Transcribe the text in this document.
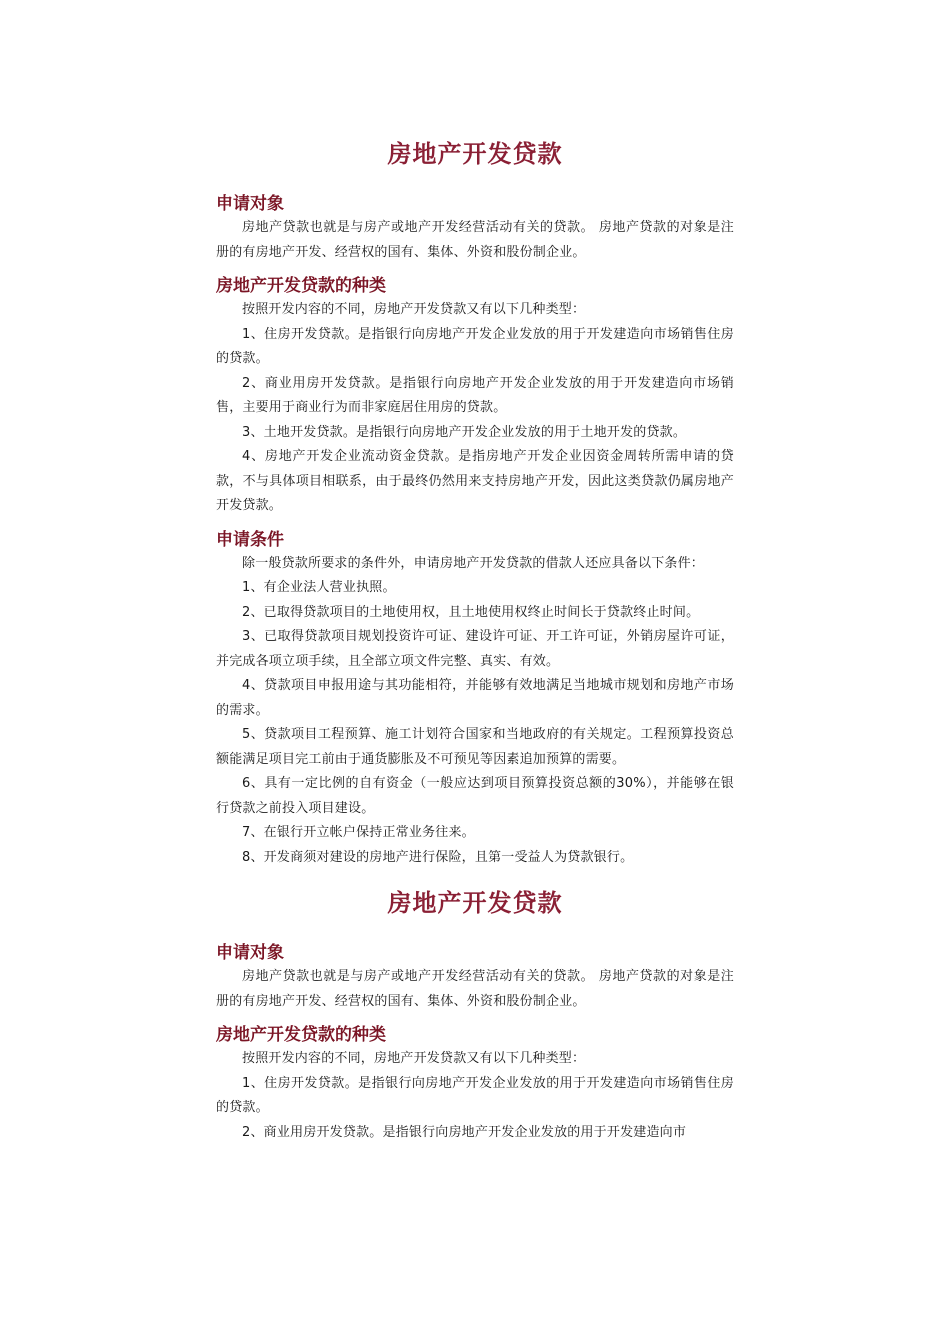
房地产开发贷款
申请对象

房地产贷款也就是与房产或地产开发经营活动有关的贷款。 房地产贷款的对象是注册的有房地产开发、经营权的国有、集体、外资和股份制企业。

房地产开发贷款的种类

按照开发内容的不同，房地产开发贷款又有以下几种类型：

1、住房开发贷款。是指银行向房地产开发企业发放的用于开发建造向市场销售住房的贷款。

2、商业用房开发贷款。是指银行向房地产开发企业发放的用于开发建造向市场销售，主要用于商业行为而非家庭居住用房的贷款。

3、土地开发贷款。是指银行向房地产开发企业发放的用于土地开发的贷款。

4、房地产开发企业流动资金贷款。是指房地产开发企业因资金周转所需申请的贷款，不与具体项目相联系，由于最终仍然用来支持房地产开发，因此这类贷款仍属房地产开发贷款。

申请条件

除一般贷款所要求的条件外，申请房地产开发贷款的借款人还应具备以下条件：

1、有企业法人营业执照。

2、已取得贷款项目的土地使用权，且土地使用权终止时间长于贷款终止时间。

3、已取得贷款项目规划投资许可证、建设许可证、开工许可证，外销房屋许可证，并完成各项立项手续，且全部立项文件完整、真实、有效。

4、贷款项目申报用途与其功能相符，并能够有效地满足当地城市规划和房地产市场的需求。

5、贷款项目工程预算、施工计划符合国家和当地政府的有关规定。工程预算投资总额能满足项目完工前由于通货膨胀及不可预见等因素追加预算的需要。

6、具有一定比例的自有资金（一般应达到项目预算投资总额的30%），并能够在银行贷款之前投入项目建设。

7、在银行开立帐户保持正常业务往来。

8、开发商须对建设的房地产进行保险，且第一受益人为贷款银行。

房地产开发贷款
申请对象

房地产贷款也就是与房产或地产开发经营活动有关的贷款。 房地产贷款的对象是注册的有房地产开发、经营权的国有、集体、外资和股份制企业。

房地产开发贷款的种类

按照开发内容的不同，房地产开发贷款又有以下几种类型：

1、住房开发贷款。是指银行向房地产开发企业发放的用于开发建造向市场销售住房的贷款。

2、商业用房开发贷款。是指银行向房地产开发企业发放的用于开发建造向市
